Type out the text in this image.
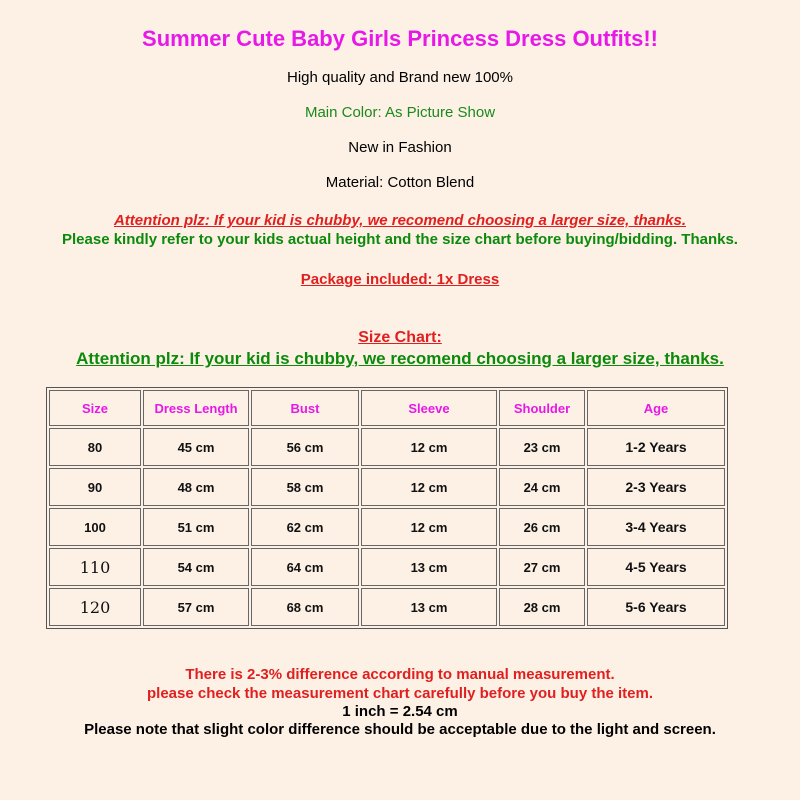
Summer Cute Baby Girls Princess Dress Outfits!!
High quality and Brand new 100%
Main Color: As Picture Show
New in Fashion
Material: Cotton Blend
Attention plz: If your kid is chubby, we recomend choosing a larger size, thanks.
Please kindly refer to your kids actual height and the size chart before buying/bidding. Thanks.
Package included: 1x Dress
Size Chart:
Attention plz: If your kid is chubby, we recomend choosing a larger size, thanks.
Size	Dress Length	Bust	Sleeve	Shoulder	Age
80	45 cm	56 cm	12 cm	23 cm	1-2 Years
90	48 cm	58 cm	12 cm	24 cm	2-3 Years
100	51 cm	62 cm	12 cm	26 cm	3-4 Years
110	54 cm	64 cm	13 cm	27 cm	4-5 Years
120	57 cm	68 cm	13 cm	28 cm	5-6 Years
There is 2-3% difference according to manual measurement.
please check the measurement chart carefully before you buy the item.
1 inch = 2.54 cm
Please note that slight color difference should be acceptable due to the light and screen.
